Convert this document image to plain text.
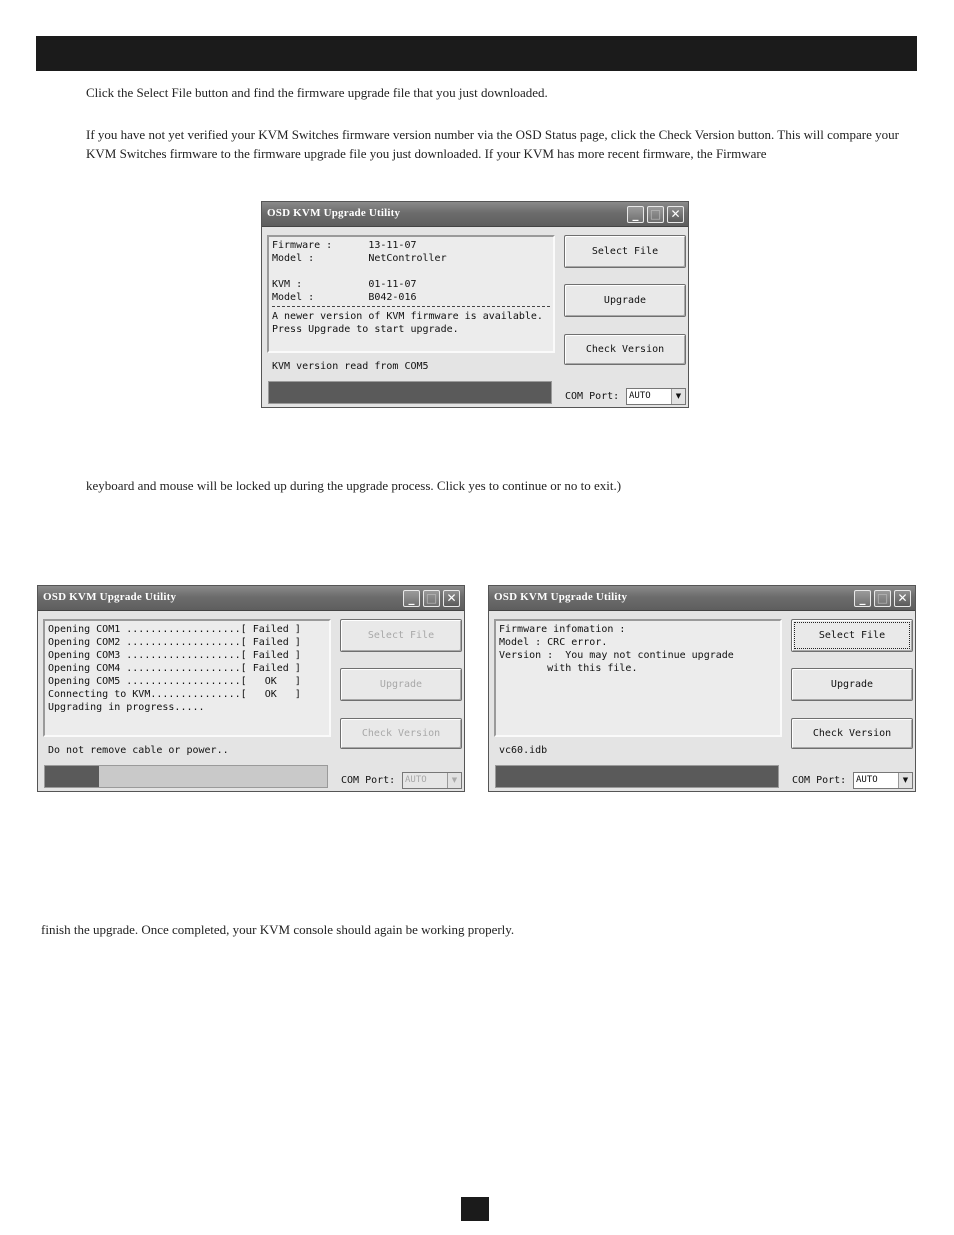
Click the Select File button and find the firmware upgrade file that you just downloaded.

If you have not yet verified your KVM Switches firmware version number via the OSD Status page, click the Check Version button. This will compare your KVM Switches firmware to the firmware upgrade file you just downloaded. If your KVM has more recent firmware, the Firmware

OSD KVM Upgrade Utility	_ □ ✕
Firmware :      13-11-07
Model :         NetController
KVM :           01-11-07
Model :         B042-016
A newer version of KVM firmware is available.
Press Upgrade to start upgrade.
Select File
Upgrade
Check Version
KVM version read from COM5
COM Port:	AUTO	▼

keyboard and mouse will be locked up during the upgrade process. Click yes to continue or no to exit.)

OSD KVM Upgrade Utility	_ □ ✕
Opening COM1 ...................[ Failed ]
Opening COM2 ...................[ Failed ]
Opening COM3 ...................[ Failed ]
Opening COM4 ...................[ Failed ]
Opening COM5 ...................[   OK   ]
Connecting to KVM...............[   OK   ]
Upgrading in progress.....
Select File
Upgrade
Check Version
Do not remove cable or power..
COM Port:	AUTO	▼
OSD KVM Upgrade Utility	_ □ ✕
Firmware infomation :
Model : CRC error.
Version :  You may not continue upgrade
with this file.
Select File
Upgrade
Check Version
vc60.idb
COM Port:	AUTO	▼

finish the upgrade. Once completed, your KVM console should again be working properly.
